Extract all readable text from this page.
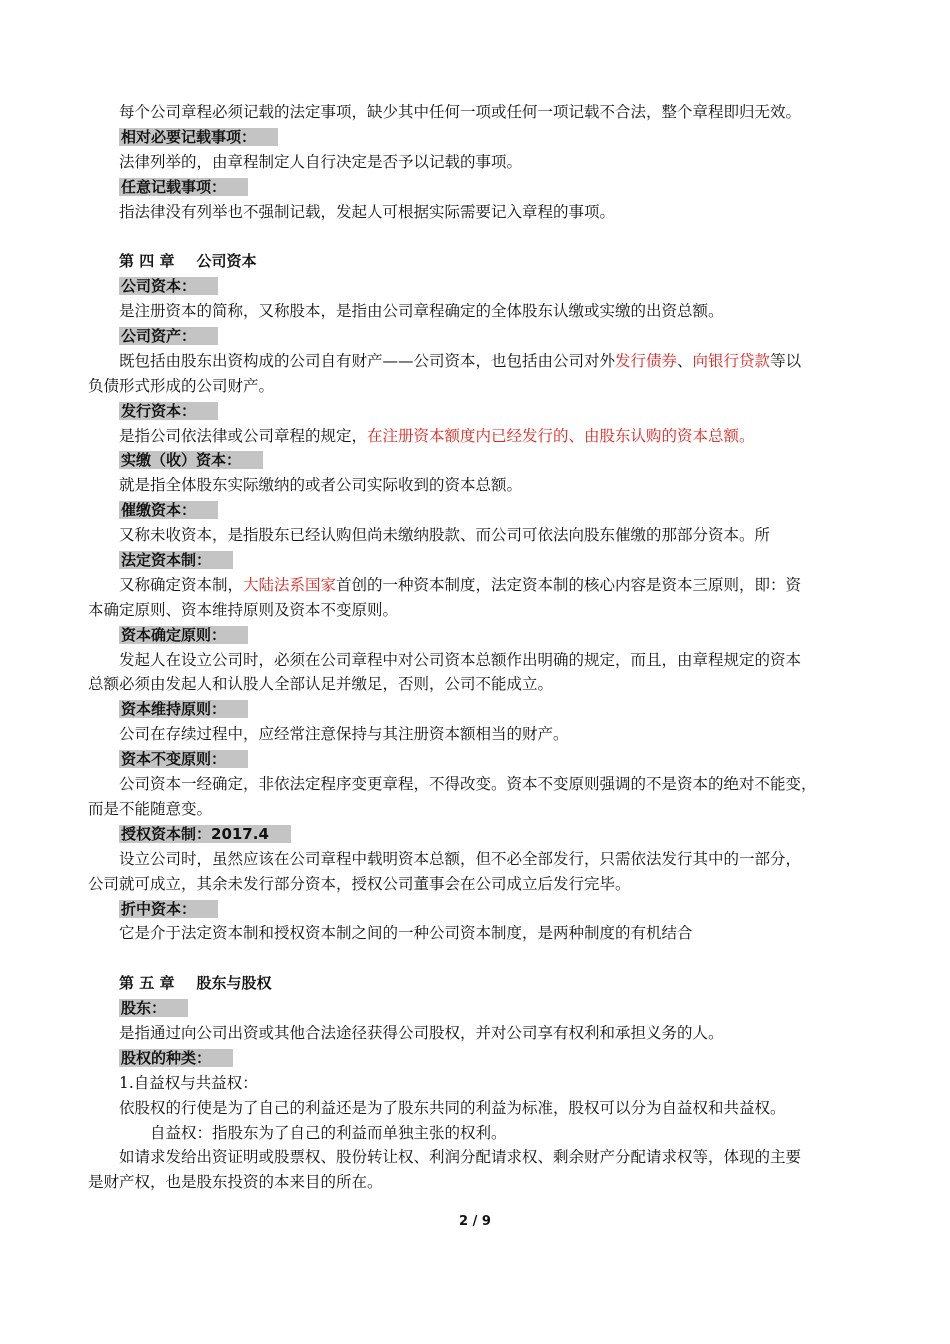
每个公司章程必须记载的法定事项，缺少其中任何一项或任何一项记载不合法，整个章程即归无效。
相对必要记载事项：
法律列举的，由章程制定人自行决定是否予以记载的事项。
任意记载事项：
指法律没有列举也不强制记载，发起人可根据实际需要记入章程的事项。
第 四 章 公司资本
公司资本：
是注册资本的简称，又称股本，是指由公司章程确定的全体股东认缴或实缴的出资总额。
公司资产：
既包括由股东出资构成的公司自有财产——公司资本，也包括由公司对外发行债券、向银行贷款等以
负债形式形成的公司财产。
发行资本：
是指公司依法律或公司章程的规定，在注册资本额度内已经发行的、由股东认购的资本总额。
实缴（收）资本：
就是指全体股东实际缴纳的或者公司实际收到的资本总额。
催缴资本：
又称未收资本，是指股东已经认购但尚未缴纳股款、而公司可依法向股东催缴的那部分资本。所
法定资本制：
又称确定资本制，大陆法系国家首创的一种资本制度，法定资本制的核心内容是资本三原则，即：资
本确定原则、资本维持原则及资本不变原则。
资本确定原则：
发起人在设立公司时，必须在公司章程中对公司资本总额作出明确的规定，而且，由章程规定的资本
总额必须由发起人和认股人全部认足并缴足，否则，公司不能成立。
资本维持原则：
公司在存续过程中，应经常注意保持与其注册资本额相当的财产。
资本不变原则：
公司资本一经确定，非依法定程序变更章程，不得改变。资本不变原则强调的不是资本的绝对不能变，
而是不能随意变。
授权资本制：2017.4
设立公司时，虽然应该在公司章程中载明资本总额，但不必全部发行，只需依法发行其中的一部分，
公司就可成立，其余未发行部分资本，授权公司董事会在公司成立后发行完毕。
折中资本：
它是介于法定资本制和授权资本制之间的一种公司资本制度，是两种制度的有机结合
第 五 章 股东与股权
股东：
是指通过向公司出资或其他合法途径获得公司股权，并对公司享有权利和承担义务的人。
股权的种类：
1.自益权与共益权：
依股权的行使是为了自己的利益还是为了股东共同的利益为标准，股权可以分为自益权和共益权。
自益权：指股东为了自己的利益而单独主张的权利。
如请求发给出资证明或股票权、股份转让权、利润分配请求权、剩余财产分配请求权等，体现的主要
是财产权，也是股东投资的本来目的所在。
2 / 9
